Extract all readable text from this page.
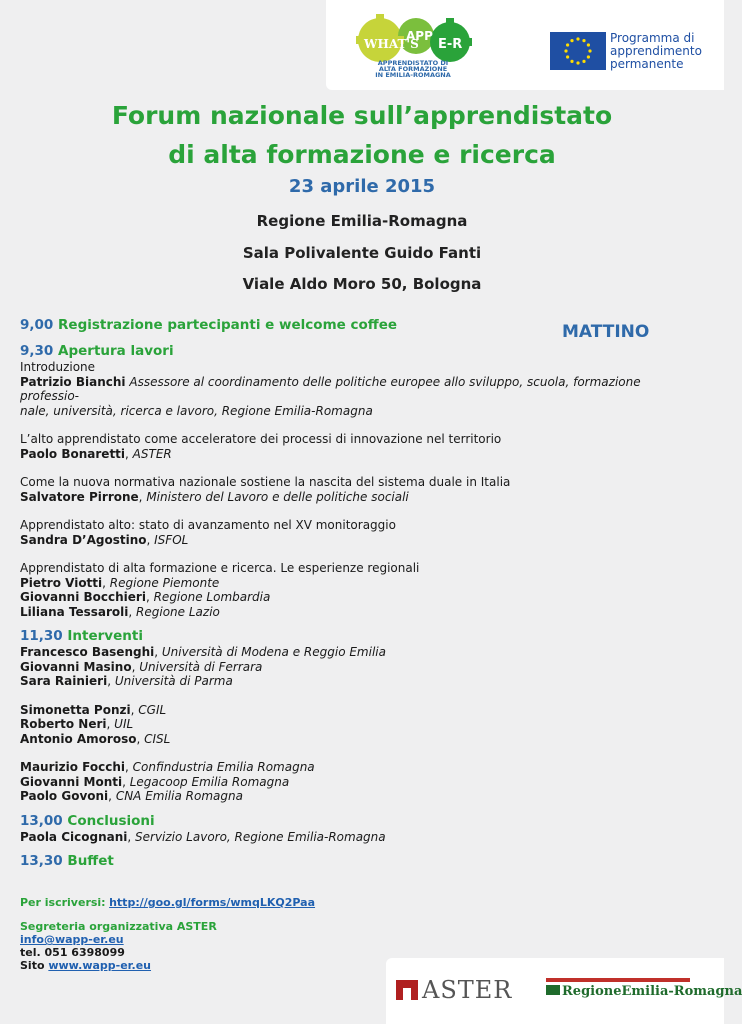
WHAT'S
APP
E-R
APPRENDISTATO DI
ALTA FORMAZIONE
IN EMILIA-ROMAGNA
Programma di
apprendimento
permanente
Forum nazionale sull’apprendistato
di alta formazione e ricerca
23 aprile 2015
Regione Emilia-Romagna
Sala Polivalente Guido Fanti
Viale Aldo Moro 50, Bologna
MATTINO
9,00 Registrazione partecipanti e welcome coffee
9,30 Apertura lavori
Introduzione
Patrizio Bianchi Assessore al coordinamento delle politiche europee allo sviluppo, scuola, formazione professio-
nale, università, ricerca e lavoro, Regione Emilia-Romagna
L’alto apprendistato come acceleratore dei processi di innovazione nel territorio
Paolo Bonaretti, ASTER
Come la nuova normativa nazionale sostiene la nascita del sistema duale in Italia
Salvatore Pirrone, Ministero del Lavoro e delle politiche sociali
Apprendistato alto: stato di avanzamento nel XV monitoraggio
Sandra D’Agostino, ISFOL
Apprendistato di alta formazione e ricerca. Le esperienze regionali
Pietro Viotti, Regione Piemonte
Giovanni Bocchieri, Regione Lombardia
Liliana Tessaroli, Regione Lazio
11,30 Interventi
Francesco Basenghi, Università di Modena e Reggio Emilia
Giovanni Masino, Università di Ferrara
Sara Rainieri, Università di Parma
Simonetta Ponzi, CGIL
Roberto Neri, UIL
Antonio Amoroso, CISL
Maurizio Focchi, Confindustria Emilia Romagna
Giovanni Monti, Legacoop Emilia Romagna
Paolo Govoni, CNA Emilia Romagna
13,00 Conclusioni
Paola Cicognani, Servizio Lavoro, Regione Emilia-Romagna
13,30 Buffet
Per iscriversi: http://goo.gl/forms/wmqLKQ2Paa
Segreteria organizzativa ASTER
info@wapp-er.eu
tel. 051 6398099
Sito www.wapp-er.eu
ASTER	RegioneEmilia-Romagna
